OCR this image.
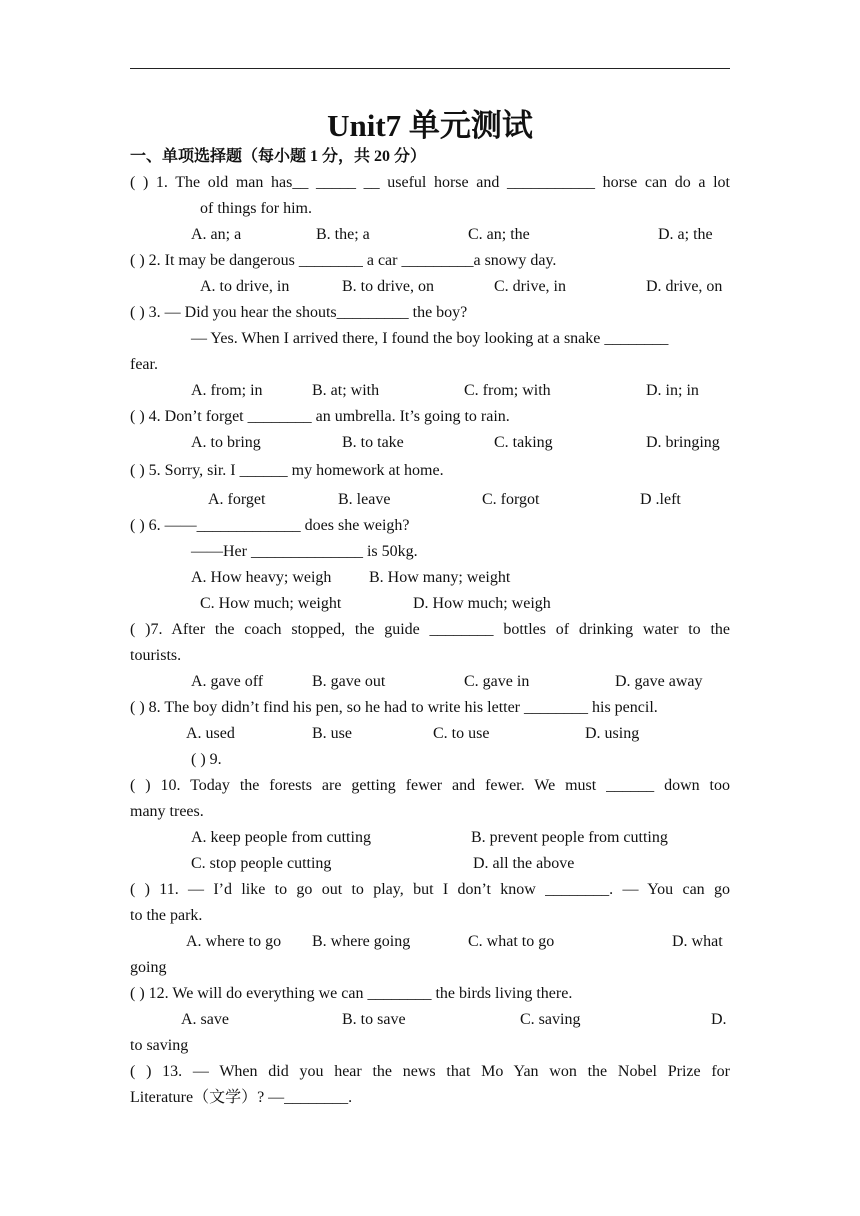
Unit7 单元测试
一、单项选择题（每小题 1 分，共 20 分）
( ) 1. The old man has__ _____ __ useful horse and ___________ horse can do a lot
of things for him.
A. an; a	B. the; a	C. an; the	D. a; the
( ) 2. It may be dangerous ________ a car _________a snowy day.
A. to drive, in	B. to drive, on	C. drive, in	D. drive, on
( ) 3. — Did you hear the shouts_________ the boy?
— Yes. When I arrived there, I found the boy looking at a snake ________
fear.
A. from; in	B. at; with	C. from; with	D. in; in
( ) 4. Don’t forget ________ an umbrella. It’s going to rain.
A. to bring	B. to take	C. taking	D. bringing
( ) 5. Sorry, sir. I ______ my homework at home.
A. forget	B. leave	C. forgot	D .left
( ) 6. ——_____________ does she weigh?
——Her ______________ is 50kg.
A. How heavy; weigh B. How many; weight
C. How much; weight	D. How much; weigh
( )7. After the coach stopped, the guide ________ bottles of drinking water to the
tourists.
A. gave off	B. gave out	C. gave in	D. gave away
( ) 8. The boy didn’t find his pen, so he had to write his letter ________ his pencil.
A. used	B. use	C. to use	D. using
( ) 9.
( ) 10. Today the forests are getting fewer and fewer. We must ______ down too
many trees.
A. keep people from cutting	B. prevent people from cutting
C. stop people cutting	D. all the above
( ) 11. — I’d like to go out to play, but I don’t know ________. — You can go
to the park.
A. where to go B. where going	C. what to go	D. what
going
( ) 12. We will do everything we can ________ the birds living there.
A. save	B. to save	C. saving	D.
to saving
( ) 13. — When did you hear the news that Mo Yan won the Nobel Prize for
Literature（文学）? —________.
